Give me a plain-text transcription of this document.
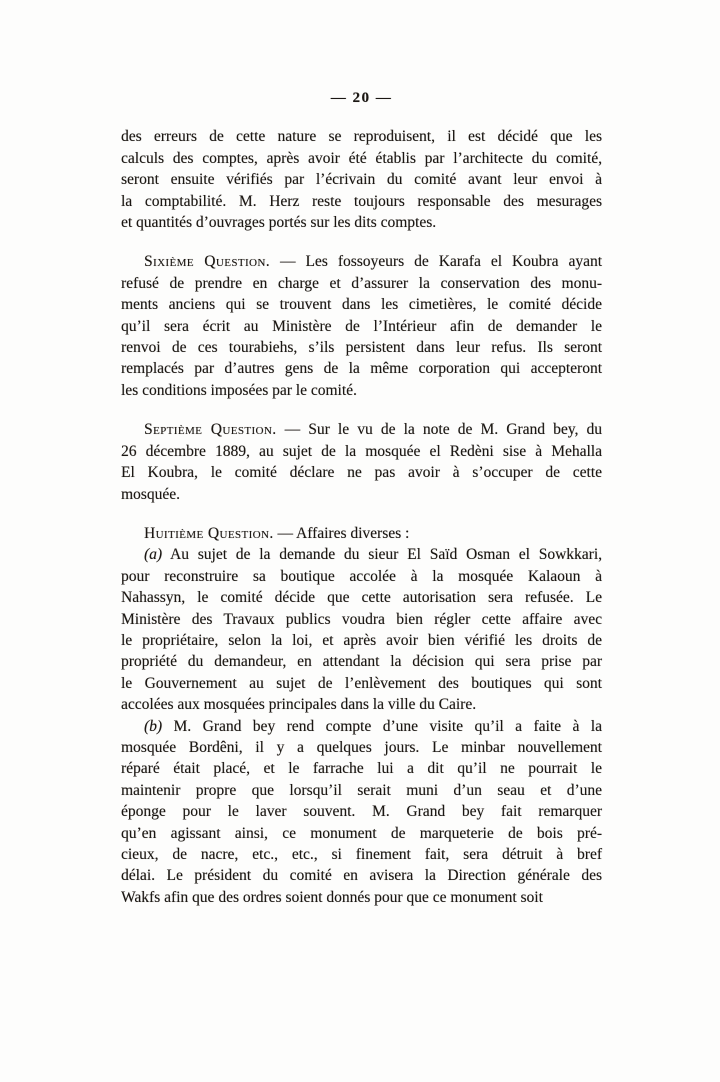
— 20 —
des erreurs de cette nature se reproduisent, il est décidé que les
calculs des comptes, après avoir été établis par l’architecte du comité,
seront ensuite vérifiés par l’écrivain du comité avant leur envoi à
la comptabilité. M. Herz reste toujours responsable des mesurages
et quantités d’ouvrages portés sur les dits comptes.
Sixième Question. — Les fossoyeurs de Karafa el Koubra ayant
refusé de prendre en charge et d’assurer la conservation des monu-
ments anciens qui se trouvent dans les cimetières, le comité décide
qu’il sera écrit au Ministère de l’Intérieur afin de demander le
renvoi de ces tourabiehs, s’ils persistent dans leur refus. Ils seront
remplacés par d’autres gens de la même corporation qui accepteront
les conditions imposées par le comité.
Septième Question. — Sur le vu de la note de M. Grand bey, du
26 décembre 1889, au sujet de la mosquée el Redèni sise à Mehalla
El Koubra, le comité déclare ne pas avoir à s’occuper de cette
mosquée.
Huitième Question. — Affaires diverses :
(a) Au sujet de la demande du sieur El Saïd Osman el Sowkkari,
pour reconstruire sa boutique accolée à la mosquée Kalaoun à
Nahassyn, le comité décide que cette autorisation sera refusée. Le
Ministère des Travaux publics voudra bien régler cette affaire avec
le propriétaire, selon la loi, et après avoir bien vérifié les droits de
propriété du demandeur, en attendant la décision qui sera prise par
le Gouvernement au sujet de l’enlèvement des boutiques qui sont
accolées aux mosquées principales dans la ville du Caire.
(b) M. Grand bey rend compte d’une visite qu’il a faite à la
mosquée Bordêni, il y a quelques jours. Le minbar nouvellement
réparé était placé, et le farrache lui a dit qu’il ne pourrait le
maintenir propre que lorsqu’il serait muni d’un seau et d’une
éponge pour le laver souvent. M. Grand bey fait remarquer
qu’en agissant ainsi, ce monument de marqueterie de bois pré-
cieux, de nacre, etc., etc., si finement fait, sera détruit à bref
délai. Le président du comité en avisera la Direction générale des
Wakfs afin que des ordres soient donnés pour que ce monument soit
